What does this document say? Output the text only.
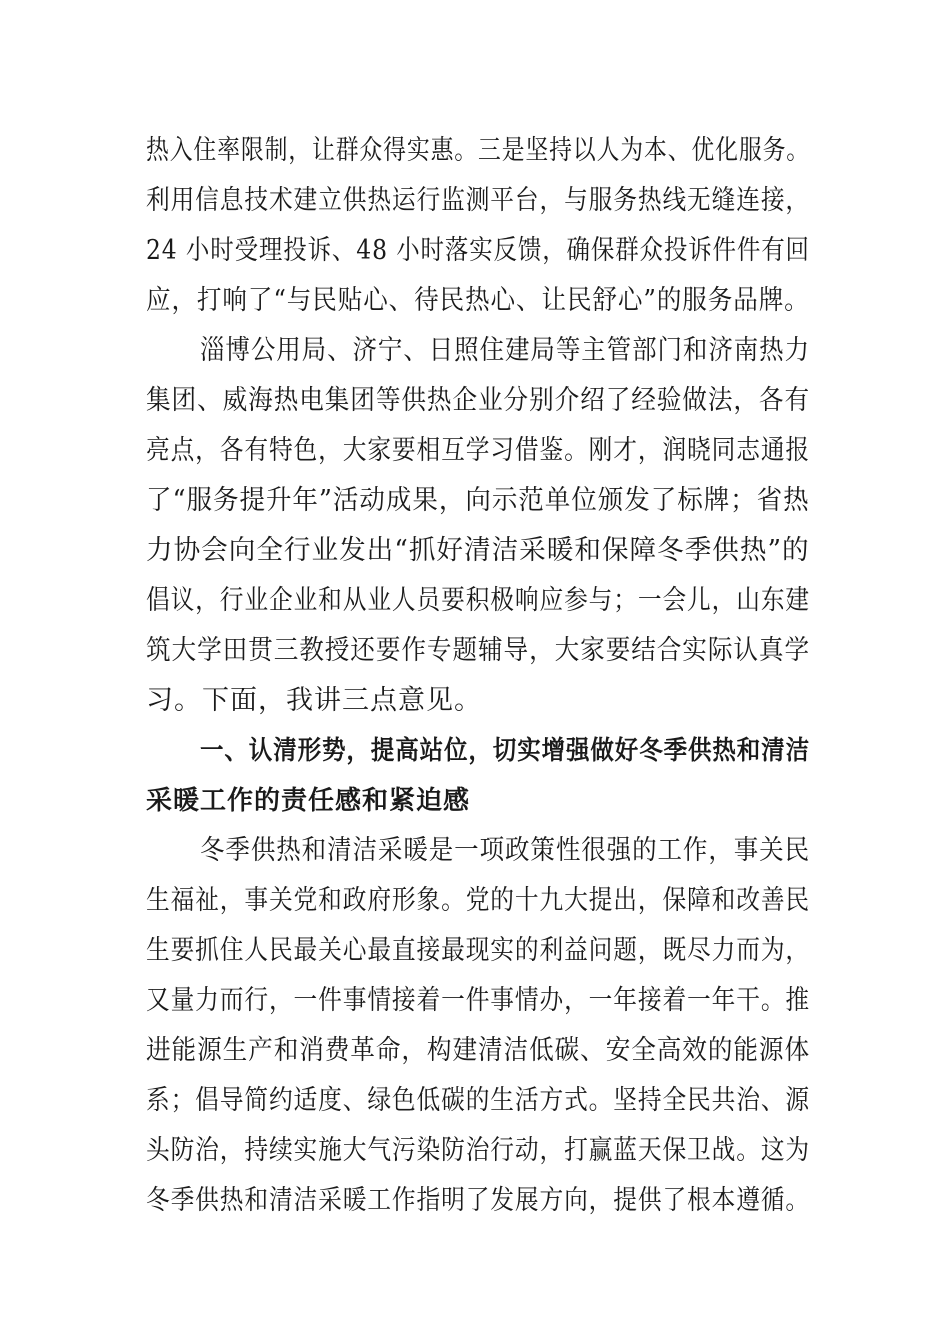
热入住率限制，让群众得实惠。三是坚持以人为本、优化服务。
利用信息技术建立供热运行监测平台，与服务热线无缝连接，
24 小时受理投诉、48 小时落实反馈，确保群众投诉件件有回
应，打响了“与民贴心、待民热心、让民舒心”的服务品牌。
淄博公用局、济宁、日照住建局等主管部门和济南热力
集团、威海热电集团等供热企业分别介绍了经验做法，各有
亮点，各有特色，大家要相互学习借鉴。刚才，润晓同志通报
了“服务提升年”活动成果，向示范单位颁发了标牌；省热
力协会向全行业发出“抓好清洁采暖和保障冬季供热”的
倡议，行业企业和从业人员要积极响应参与；一会儿，山东建
筑大学田贯三教授还要作专题辅导，大家要结合实际认真学
习。下面，我讲三点意见。
一、认清形势，提高站位，切实增强做好冬季供热和清洁
采暖工作的责任感和紧迫感
冬季供热和清洁采暖是一项政策性很强的工作，事关民
生福祉，事关党和政府形象。党的十九大提出，保障和改善民
生要抓住人民最关心最直接最现实的利益问题，既尽力而为，
又量力而行，一件事情接着一件事情办，一年接着一年干。推
进能源生产和消费革命，构建清洁低碳、安全高效的能源体
系；倡导简约适度、绿色低碳的生活方式。坚持全民共治、源
头防治，持续实施大气污染防治行动，打赢蓝天保卫战。这为
冬季供热和清洁采暖工作指明了发展方向，提供了根本遵循。
